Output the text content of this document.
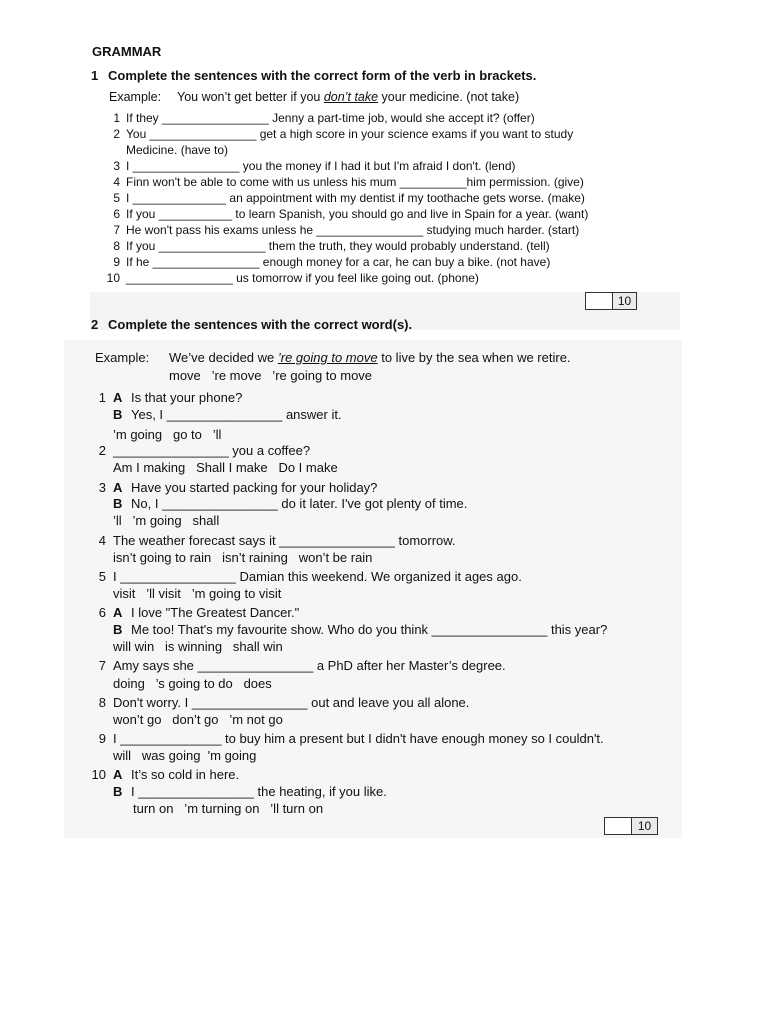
GRAMMAR
1 Complete the sentences with the correct form of the verb in brackets.
Example: You won’t get better if you don’t take your medicine. (not take)
1 If they ________________ Jenny a part-time job, would she accept it? (offer)
2 You ________________ get a high score in your science exams if you want to study
Medicine. (have to)
3 I ________________ you the money if I had it but I'm afraid I don't. (lend)
4 Finn won't be able to come with us unless his mum __________him permission. (give)
5 I ______________ an appointment with my dentist if my toothache gets worse. (make)
6 If you ___________ to learn Spanish, you should go and live in Spain for a year. (want)
7 He won't pass his exams unless he ________________ studying much harder. (start)
8 If you ________________ them the truth, they would probably understand. (tell)
9 If he ________________ enough money for a car, he can buy a bike. (not have)
10 ________________ us tomorrow if you feel like going out. (phone)
10
2 Complete the sentences with the correct word(s).
Example: We’ve decided we ’re going to move to live by the sea when we retire.
move   ’re move   ’re going to move
1 A Is that your phone?
B Yes, I ________________ answer it.
’m going   go to   ’ll
2 ________________ you a coffee?
Am I making   Shall I make   Do I make
3 A Have you started packing for your holiday?
B No, I ________________ do it later. I've got plenty of time.
’ll   ’m going   shall
4 The weather forecast says it ________________ tomorrow.
isn’t going to rain   isn’t raining   won’t be rain
5 I ________________ Damian this weekend. We organized it ages ago.
visit   ’ll visit   ’m going to visit
6 A I love "The Greatest Dancer."
B Me too! That's my favourite show. Who do you think ________________ this year?
will win   is winning   shall win
7 Amy says she ________________ a PhD after her Master’s degree.
doing   ’s going to do   does
8 Don't worry. I ________________ out and leave you all alone.
won’t go   don’t go   ’m not go
9 I ______________ to buy him a present but I didn't have enough money so I couldn't.
will   was going  'm going
10 A It’s so cold in here.
B I ________________ the heating, if you like.
turn on   ’m turning on   ’ll turn on
10
